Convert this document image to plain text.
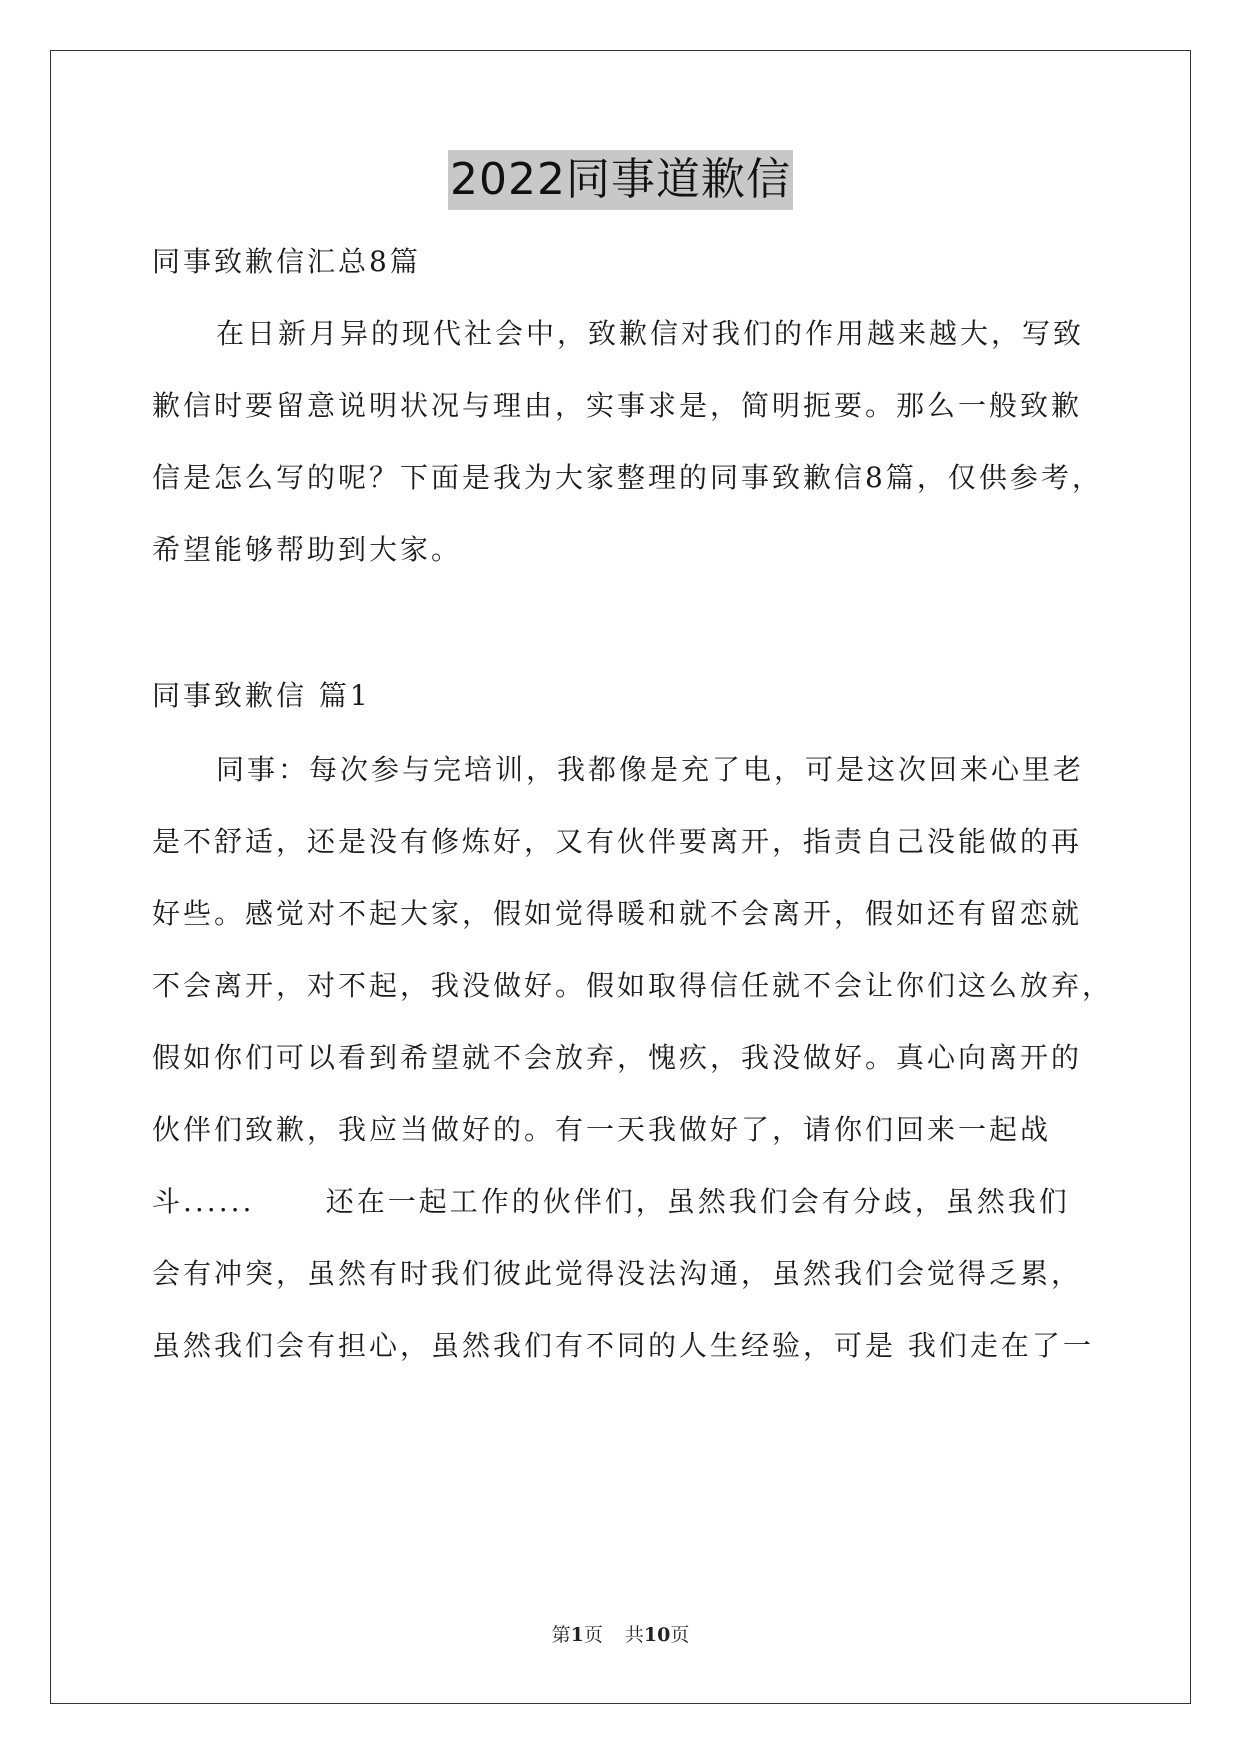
2022同事道歉信
同事致歉信汇总8篇
在日新月异的现代社会中，致歉信对我们的作用越来越大，写致
歉信时要留意说明状况与理由，实事求是，简明扼要。那么一般致歉
信是怎么写的呢？下面是我为大家整理的同事致歉信8篇，仅供参考，
希望能够帮助到大家。
同事致歉信 篇1
同事：每次参与完培训，我都像是充了电，可是这次回来心里老
是不舒适，还是没有修炼好，又有伙伴要离开，指责自己没能做的再
好些。感觉对不起大家，假如觉得暖和就不会离开，假如还有留恋就
不会离开，对不起，我没做好。假如取得信任就不会让你们这么放弃，
假如你们可以看到希望就不会放弃，愧疚，我没做好。真心向离开的
伙伴们致歉，我应当做好的。有一天我做好了，请你们回来一起战
斗......      还在一起工作的伙伴们，虽然我们会有分歧，虽然我们
会有冲突，虽然有时我们彼此觉得没法沟通，虽然我们会觉得乏累，
虽然我们会有担心，虽然我们有不同的人生经验，可是 我们走在了一
第1页 共10页
